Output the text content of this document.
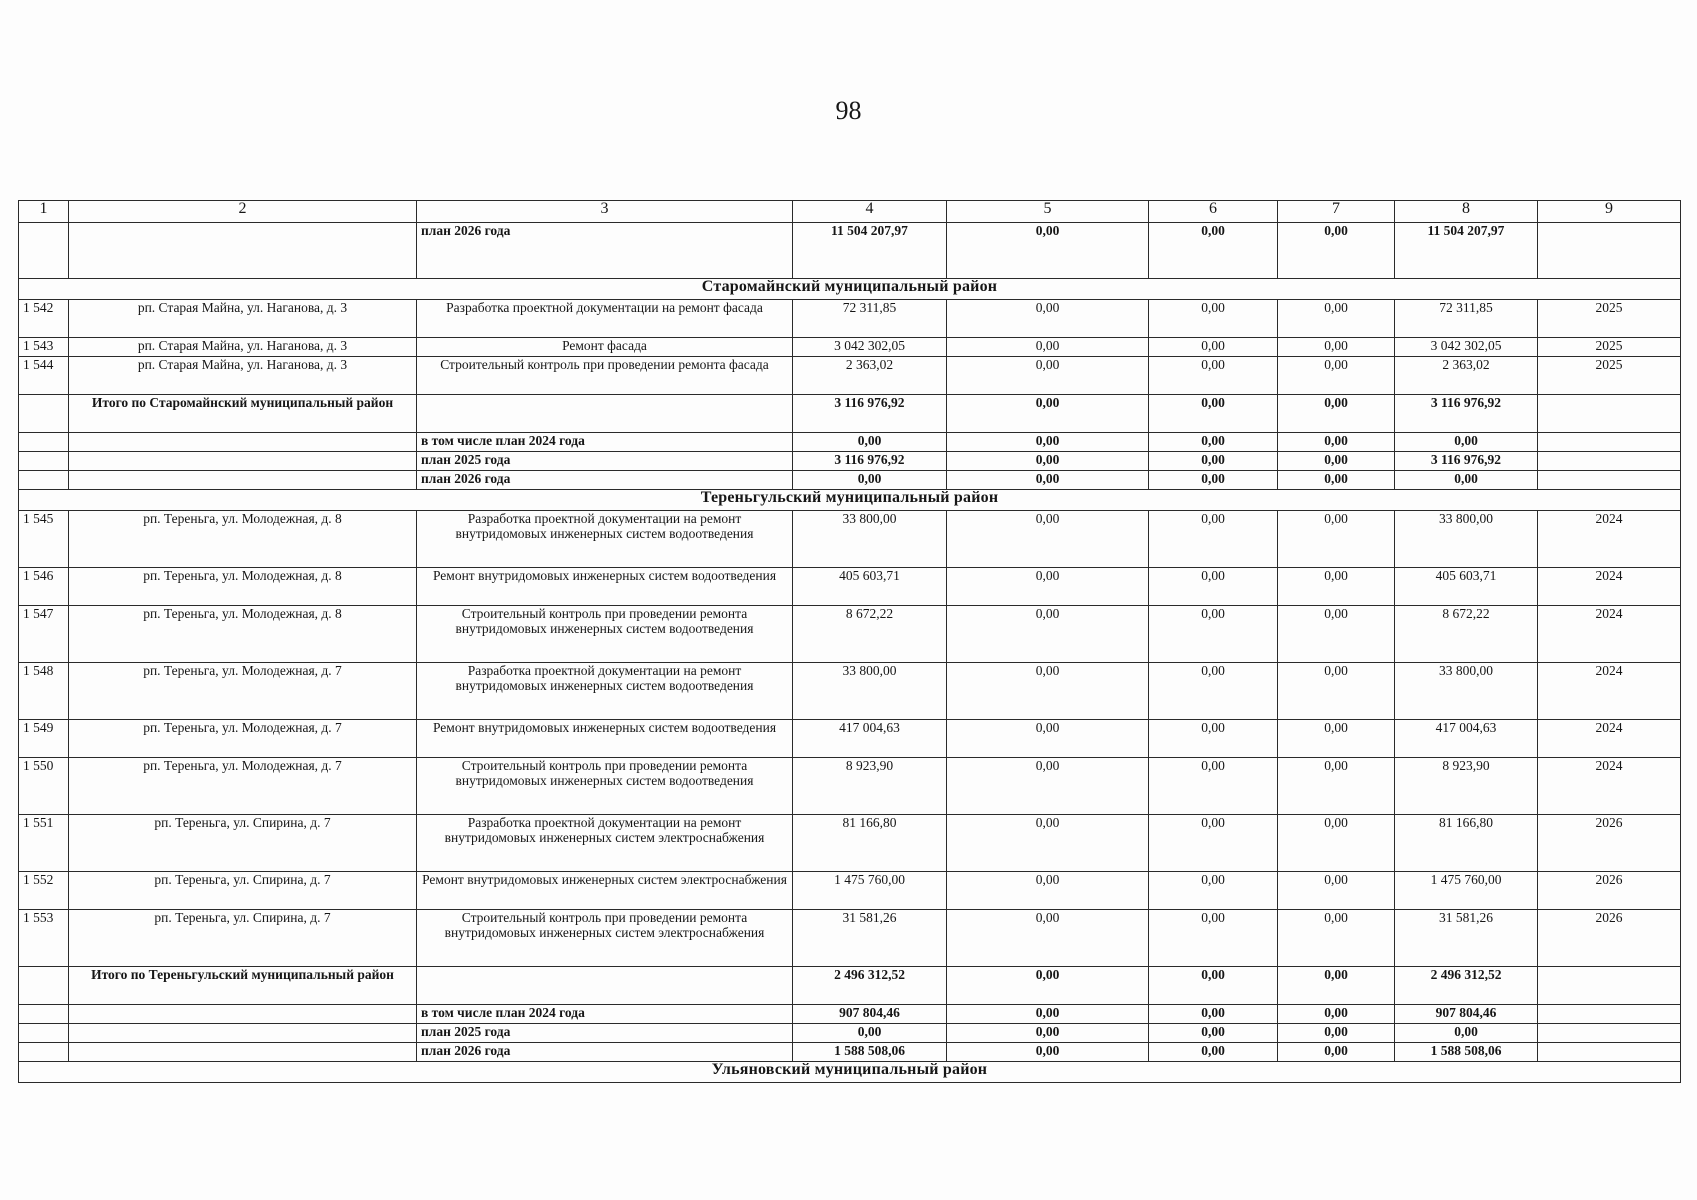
98
1	2	3	4	5	6	7	8	9
		план 2026 года	11 504 207,97	0,00	0,00	0,00	11 504 207,97	
Старомайнский муниципальный район								
1 542	рп. Старая Майна, ул. Наганова, д. 3	Разработка проектной документации на ремонт фасада	72 311,85	0,00	0,00	0,00	72 311,85	2025
1 543	рп. Старая Майна, ул. Наганова, д. 3	Ремонт фасада	3 042 302,05	0,00	0,00	0,00	3 042 302,05	2025
1 544	рп. Старая Майна, ул. Наганова, д. 3	Строительный контроль при проведении ремонта фасада	2 363,02	0,00	0,00	0,00	2 363,02	2025
	Итого по Старомайнский муниципальный район		3 116 976,92	0,00	0,00	0,00	3 116 976,92	
		в том числе план 2024 года	0,00	0,00	0,00	0,00	0,00	
		план 2025 года	3 116 976,92	0,00	0,00	0,00	3 116 976,92	
		план 2026 года	0,00	0,00	0,00	0,00	0,00	
Тереньгульский муниципальный район								
1 545	рп. Тереньга, ул. Молодежная, д. 8	Разработка проектной документации на ремонт внутридомовых инженерных систем водоотведения	33 800,00	0,00	0,00	0,00	33 800,00	2024
1 546	рп. Тереньга, ул. Молодежная, д. 8	Ремонт внутридомовых инженерных систем водоотведения	405 603,71	0,00	0,00	0,00	405 603,71	2024
1 547	рп. Тереньга, ул. Молодежная, д. 8	Строительный контроль при проведении ремонта внутридомовых инженерных систем водоотведения	8 672,22	0,00	0,00	0,00	8 672,22	2024
1 548	рп. Тереньга, ул. Молодежная, д. 7	Разработка проектной документации на ремонт внутридомовых инженерных систем водоотведения	33 800,00	0,00	0,00	0,00	33 800,00	2024
1 549	рп. Тереньга, ул. Молодежная, д. 7	Ремонт внутридомовых инженерных систем водоотведения	417 004,63	0,00	0,00	0,00	417 004,63	2024
1 550	рп. Тереньга, ул. Молодежная, д. 7	Строительный контроль при проведении ремонта внутридомовых инженерных систем водоотведения	8 923,90	0,00	0,00	0,00	8 923,90	2024
1 551	рп. Тереньга, ул. Спирина, д. 7	Разработка проектной документации на ремонт внутридомовых инженерных систем электроснабжения	81 166,80	0,00	0,00	0,00	81 166,80	2026
1 552	рп. Тереньга, ул. Спирина, д. 7	Ремонт внутридомовых инженерных систем электроснабжения	1 475 760,00	0,00	0,00	0,00	1 475 760,00	2026
1 553	рп. Тереньга, ул. Спирина, д. 7	Строительный контроль при проведении ремонта внутридомовых инженерных систем электроснабжения	31 581,26	0,00	0,00	0,00	31 581,26	2026
	Итого по Тереньгульский муниципальный район		2 496 312,52	0,00	0,00	0,00	2 496 312,52	
		в том числе план 2024 года	907 804,46	0,00	0,00	0,00	907 804,46	
		план 2025 года	0,00	0,00	0,00	0,00	0,00	
		план 2026 года	1 588 508,06	0,00	0,00	0,00	1 588 508,06	
Ульяновский муниципальный район								
